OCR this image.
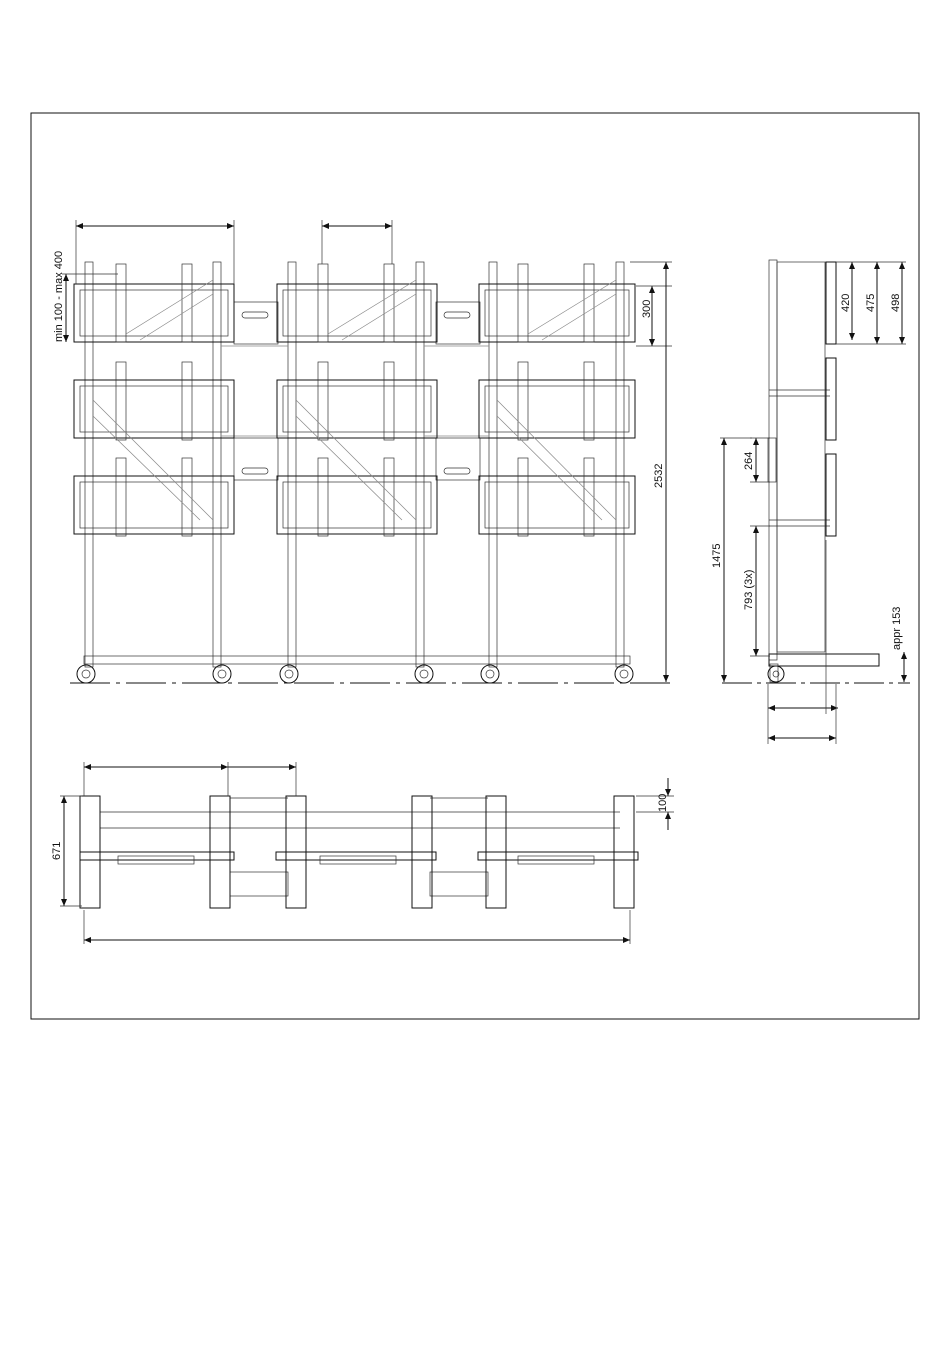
min 100 - max 400	300
2532
420 475 498
264
1475
793 (3x)
appr 153
671
100
